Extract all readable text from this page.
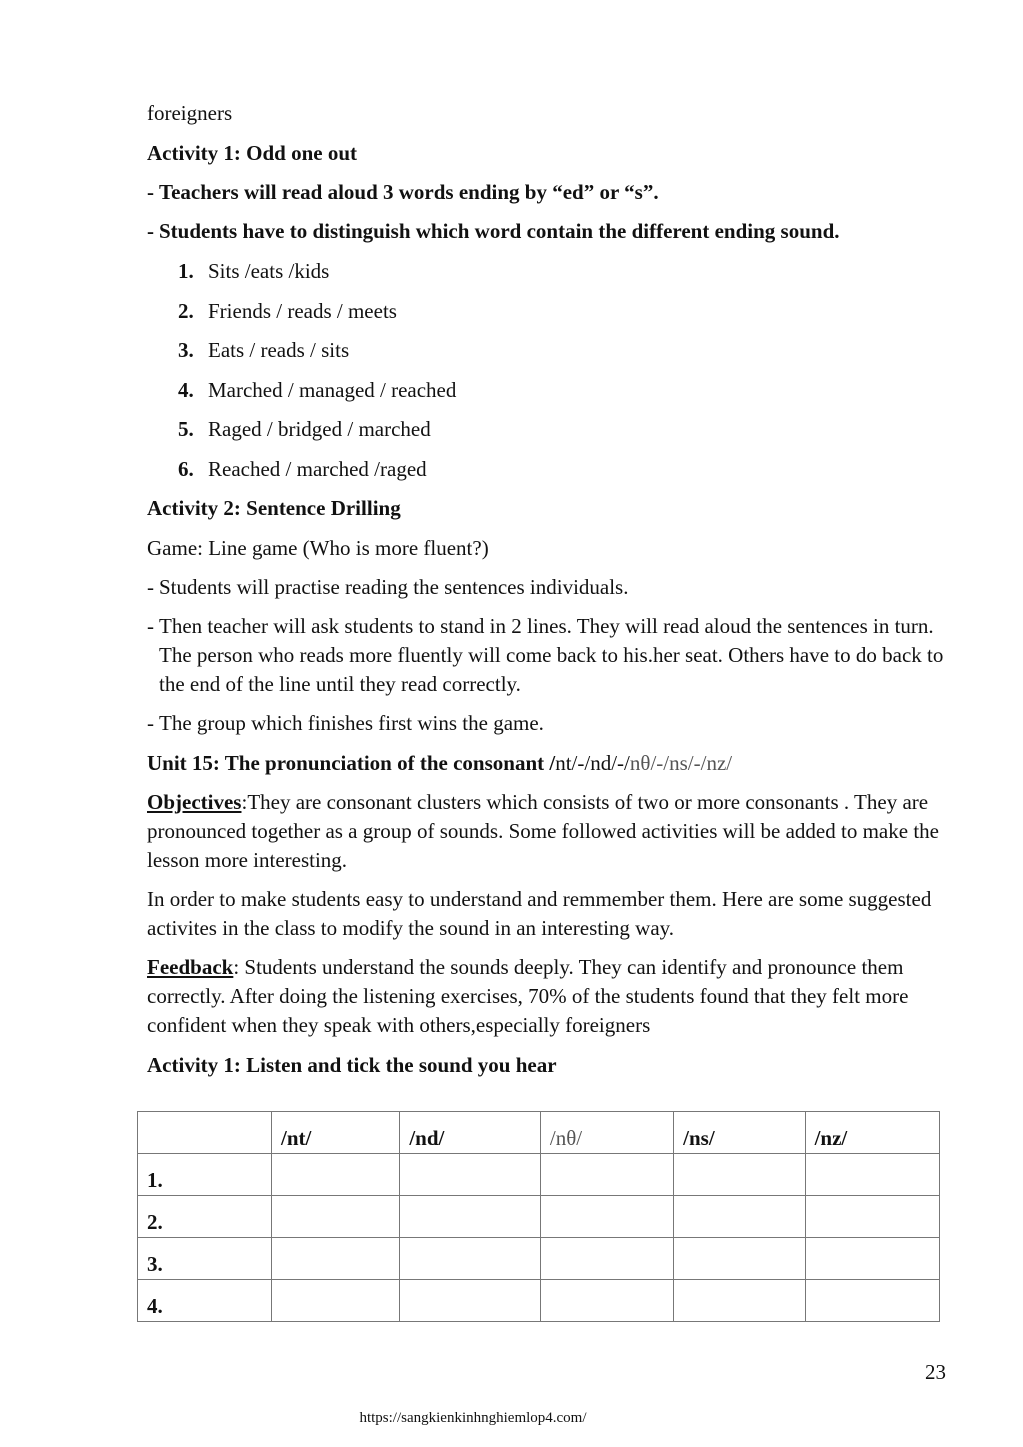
foreigners

Activity 1: Odd one out

- Teachers will read aloud 3 words ending by “ed” or “s”.
- Students have to distinguish which word contain the different ending sound.
1. Sits /eats /kids
2. Friends / reads / meets
3. Eats / reads / sits
4. Marched / managed / reached
5. Raged / bridged / marched
6. Reached / marched /raged

Activity 2: Sentence Drilling

Game: Line game (Who is more fluent?)

- Students will practise reading the sentences individuals.
- Then teacher will ask students to stand in 2 lines. They will read aloud the sentences in turn. The person who reads more fluently will come back to his.her seat. Others have to do back to the end of the line until they read correctly.
- The group which finishes first wins the game.

Unit 15: The pronunciation of the consonant /nt/-/nd/-/nθ/-/ns/-/nz/

Objectives:They are consonant clusters which consists of two or more consonants . They are pronounced together as a group of sounds. Some followed activities will be added to make the lesson more interesting.

In order to make students easy to understand and remmember them. Here are some suggested activites in the class to modify the sound in an interesting way.

Feedback: Students understand the sounds deeply. They can identify and pronounce them correctly. After doing the listening exercises, 70% of the students found that they felt more confident when they speak with others,especially foreigners

Activity 1: Listen and tick the sound you hear

	/nt/	/nd/	/nθ/	/ns/	/nz/
1.					
2.					
3.					
4.					
23
https://sangkienkinhnghiemlop4.com/
